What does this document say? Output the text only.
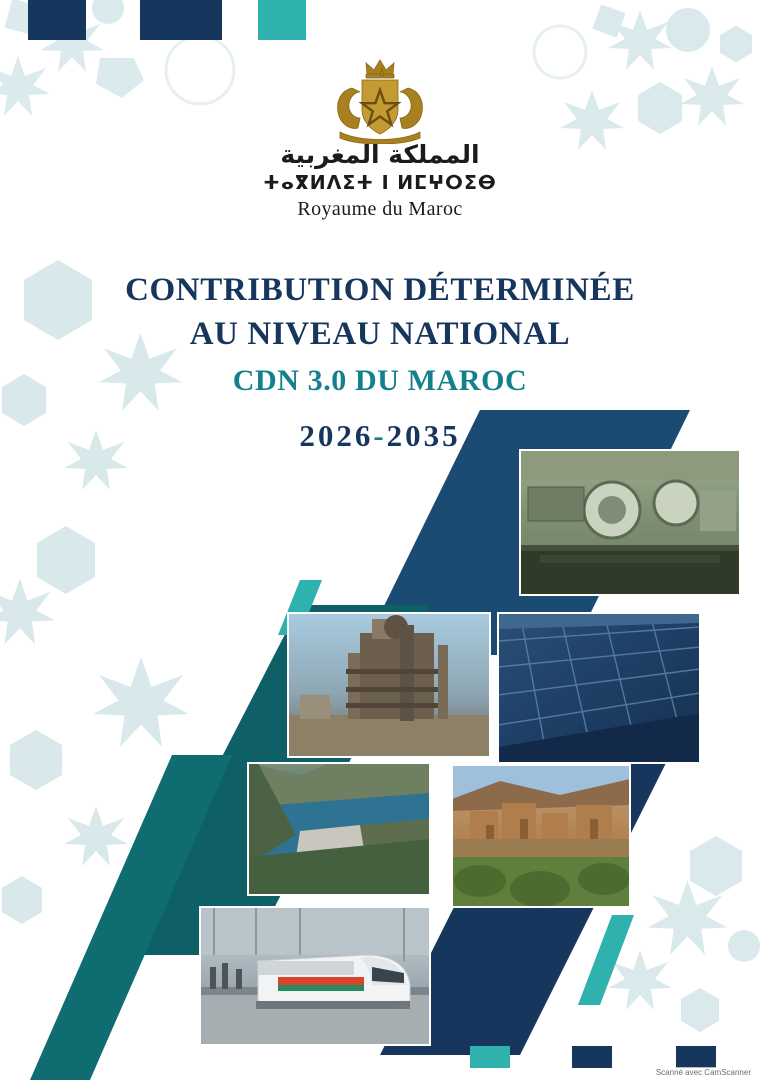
المملكة المغربية
ⵜⴰⴳⵍⴷⵉⵜ ⵏ ⵍⵎⵖⵔⵉⴱ
Royaume du Maroc
CONTRIBUTION DÉTERMINÉE
AU NIVEAU NATIONAL
CDN 3.0 DU MAROC
2026-2035
Scanné avec CamScanner
